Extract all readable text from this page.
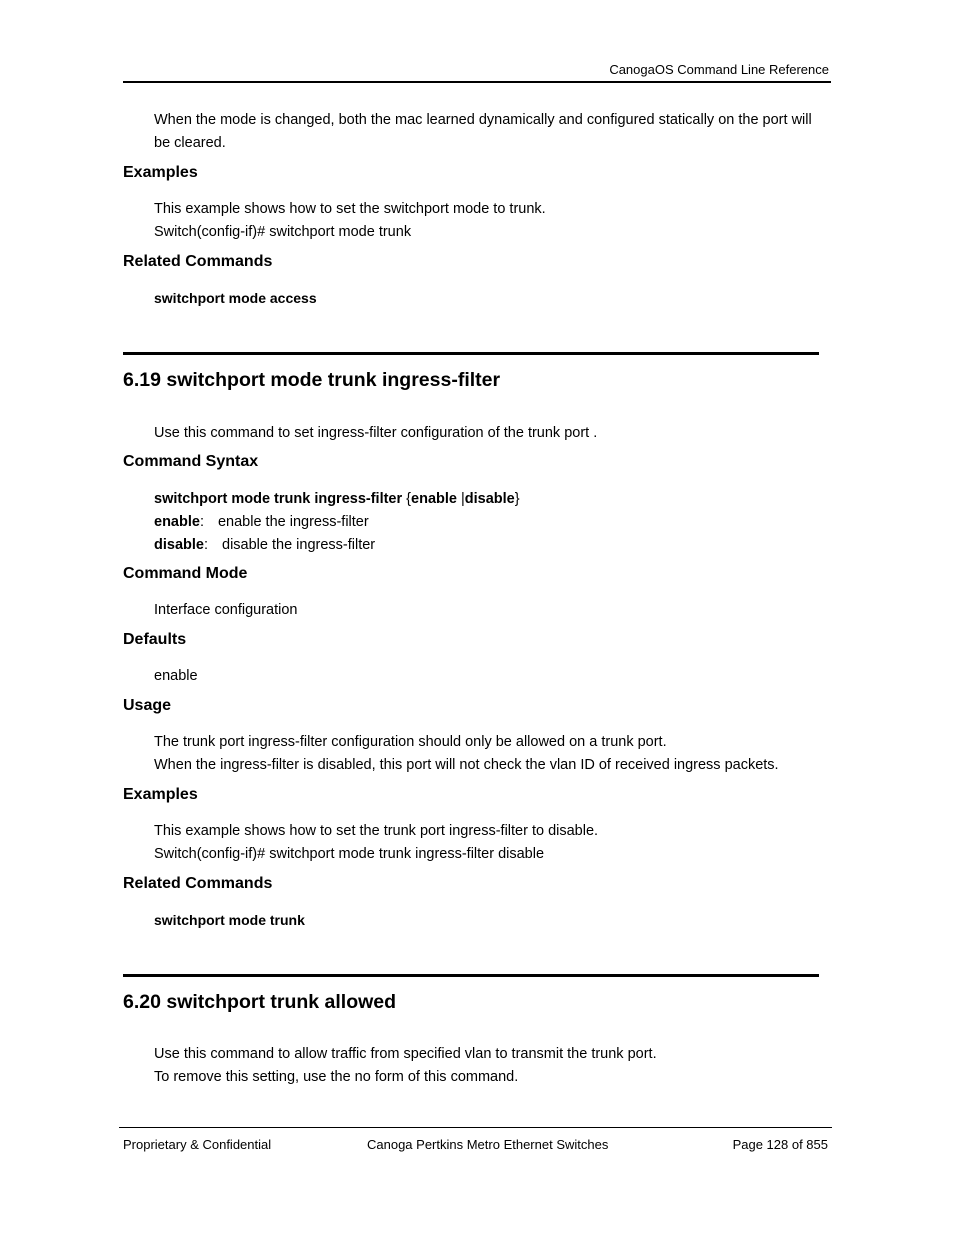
CanogaOS Command Line Reference
When the mode is changed, both the mac learned dynamically and configured statically on the port will
be cleared.
Examples
This example shows how to set the switchport mode to trunk.
Switch(config-if)# switchport mode trunk
Related Commands
switchport mode access
6.19 switchport mode trunk ingress-filter
Use this command to set ingress-filter configuration of the trunk port .
Command Syntax
switchport mode trunk ingress-filter {enable |disable}
enable: enable the ingress-filter
disable: disable the ingress-filter
Command Mode
Interface configuration
Defaults
enable
Usage
The trunk port ingress-filter configuration should only be allowed on a trunk port.
When the ingress-filter is disabled, this port will not check the vlan ID of received ingress packets.
Examples
This example shows how to set the trunk port ingress-filter to disable.
Switch(config-if)# switchport mode trunk ingress-filter disable
Related Commands
switchport mode trunk
6.20 switchport trunk allowed
Use this command to allow traffic from specified vlan to transmit the trunk port.
To remove this setting, use the no form of this command.
Proprietary & Confidential	Canoga Pertkins Metro Ethernet Switches	Page 128 of 855
